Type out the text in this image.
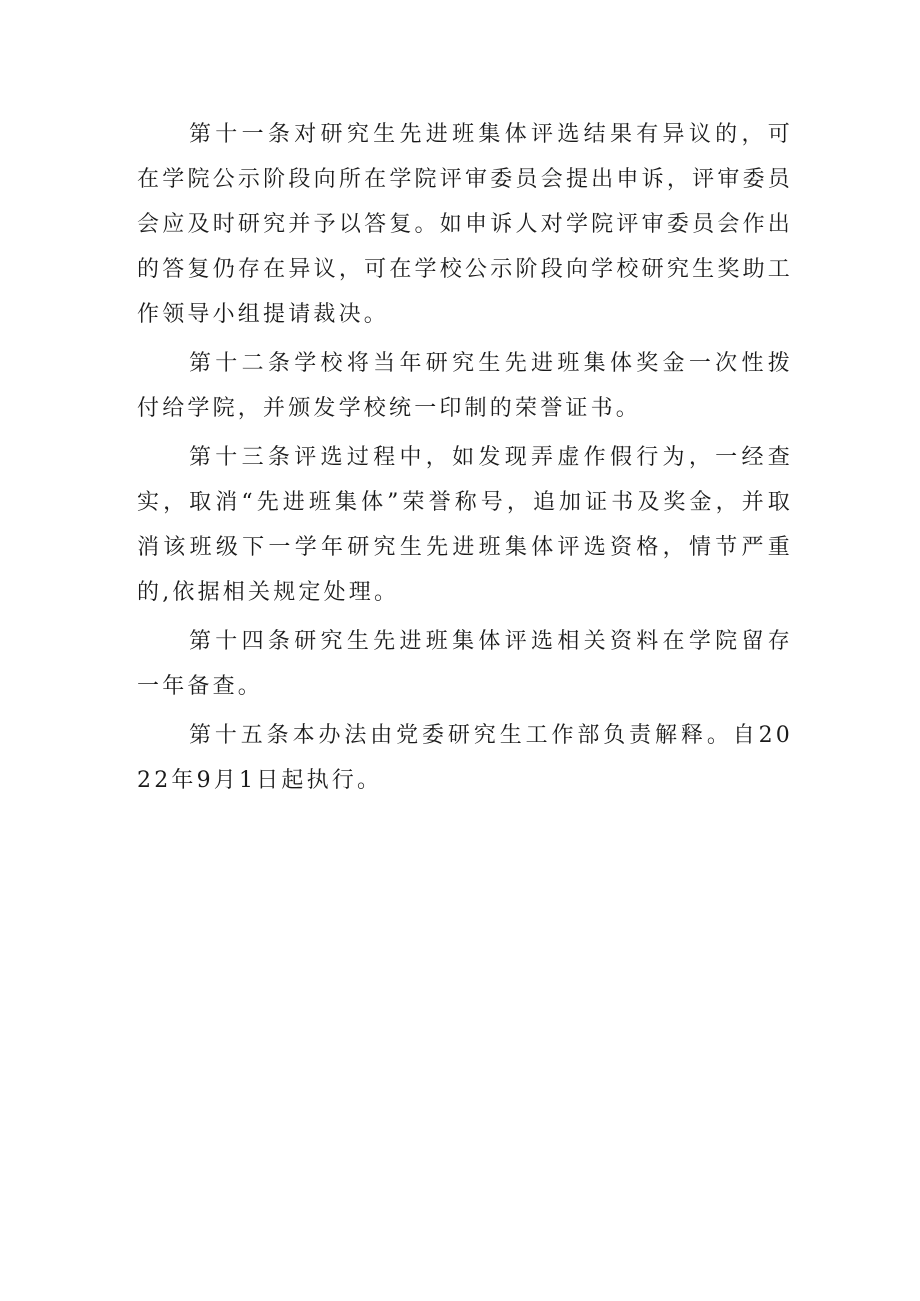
第十一条对研究生先进班集体评选结果有异议的，可在学院公示阶段向所在学院评审委员会提出申诉，评审委员会应及时研究并予以答复。如申诉人对学院评审委员会作出的答复仍存在异议，可在学校公示阶段向学校研究生奖助工作领导小组提请裁决。

第十二条学校将当年研究生先进班集体奖金一次性拨付给学院，并颁发学校统一印制的荣誉证书。

第十三条评选过程中，如发现弄虚作假行为，一经查实，取消“先进班集体”荣誉称号，追加证书及奖金，并取消该班级下一学年研究生先进班集体评选资格，情节严重的,依据相关规定处理。

第十四条研究生先进班集体评选相关资料在学院留存一年备查。

第十五条本办法由党委研究生工作部负责解释。自2022年9月1日起执行。
